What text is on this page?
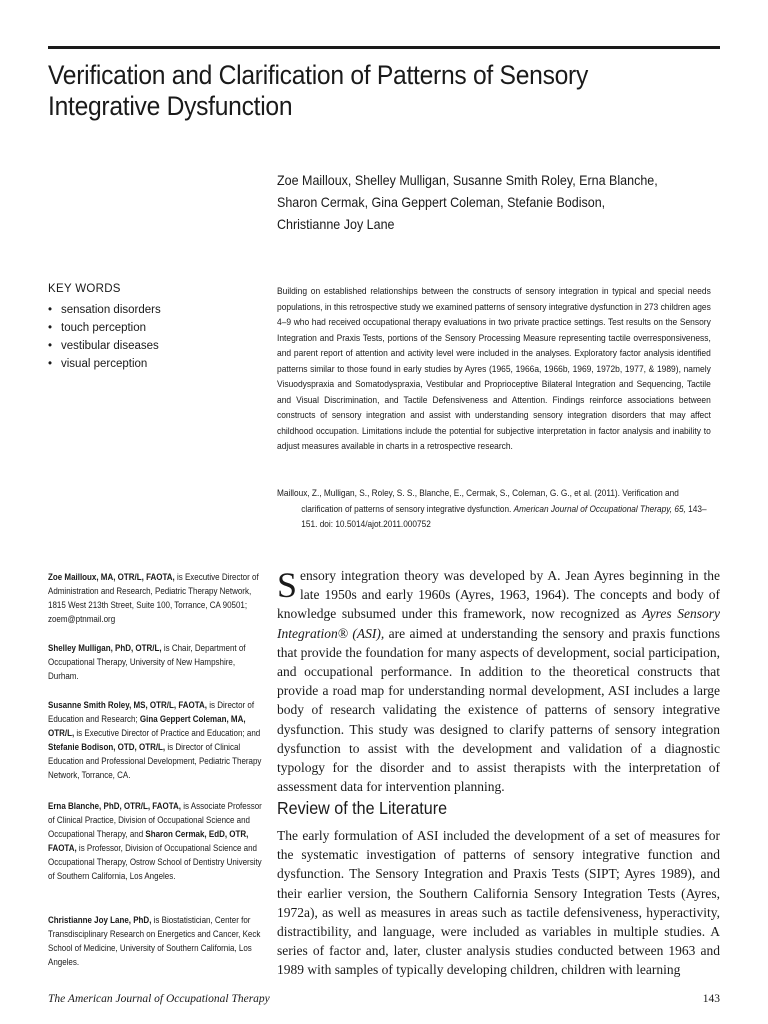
Verification and Clarification of Patterns of Sensory Integrative Dysfunction
Zoe Mailloux, Shelley Mulligan, Susanne Smith Roley, Erna Blanche,
Sharon Cermak, Gina Geppert Coleman, Stefanie Bodison,
Christianne Joy Lane
KEY WORDS
• sensation disorders
• touch perception
• vestibular diseases
• visual perception

Building on established relationships between the constructs of sensory integration in typical and special needs populations, in this retrospective study we examined patterns of sensory integrative dysfunction in 273 children ages 4–9 who had received occupational therapy evaluations in two private practice settings. Test results on the Sensory Integration and Praxis Tests, portions of the Sensory Processing Measure representing tactile overresponsiveness, and parent report of attention and activity level were included in the analyses. Exploratory factor analysis identified patterns similar to those found in early studies by Ayres (1965, 1966a, 1966b, 1969, 1972b, 1977, & 1989), namely Visuodyspraxia and Somatodyspraxia, Vestibular and Proprioceptive Bilateral Integration and Sequencing, Tactile and Visual Discrimination, and Tactile Defensiveness and Attention. Findings reinforce associations between constructs of sensory integration and assist with understanding sensory integration disorders that may affect childhood occupation. Limitations include the potential for subjective interpretation in factor analysis and inability to adjust measures available in charts in a retrospective research.

Mailloux, Z., Mulligan, S., Roley, S. S., Blanche, E., Cermak, S., Coleman, G. G., et al. (2011). Verification and clarification of patterns of sensory integrative dysfunction. American Journal of Occupational Therapy, 65, 143–151. doi: 10.5014/ajot.2011.000752

Zoe Mailloux, MA, OTR/L, FAOTA, is Executive Director of Administration and Research, Pediatric Therapy Network, 1815 West 213th Street, Suite 100, Torrance, CA 90501; zoem@ptnmail.org

Shelley Mulligan, PhD, OTR/L, is Chair, Department of Occupational Therapy, University of New Hampshire, Durham.

Susanne Smith Roley, MS, OTR/L, FAOTA, is Director of Education and Research; Gina Geppert Coleman, MA, OTR/L, is Executive Director of Practice and Education; and Stefanie Bodison, OTD, OTR/L, is Director of Clinical Education and Professional Development, Pediatric Therapy Network, Torrance, CA.

Erna Blanche, PhD, OTR/L, FAOTA, is Associate Professor of Clinical Practice, Division of Occupational Science and Occupational Therapy, and Sharon Cermak, EdD, OTR, FAOTA, is Professor, Division of Occupational Science and Occupational Therapy, Ostrow School of Dentistry University of Southern California, Los Angeles.

Christianne Joy Lane, PhD, is Biostatistician, Center for Transdisciplinary Research on Energetics and Cancer, Keck School of Medicine, University of Southern California, Los Angeles.

Sensory integration theory was developed by A. Jean Ayres beginning in the late 1950s and early 1960s (Ayres, 1963, 1964). The concepts and body of knowledge subsumed under this framework, now recognized as Ayres Sensory Integration® (ASI), are aimed at understanding the sensory and praxis functions that provide the foundation for many aspects of development, social participation, and occupational performance. In addition to the theoretical constructs that provide a road map for understanding normal development, ASI includes a large body of research validating the existence of patterns of sensory integrative dysfunction. This study was designed to clarify patterns of sensory integration dysfunction to assist with the development and validation of a diagnostic typology for the disorder and to assist therapists with the interpretation of assessment data for intervention planning.

Review of the Literature

The early formulation of ASI included the development of a set of measures for the systematic investigation of patterns of sensory integrative function and dysfunction. The Sensory Integration and Praxis Tests (SIPT; Ayres 1989), and their earlier version, the Southern California Sensory Integration Tests (Ayres, 1972a), as well as measures in areas such as tactile defensiveness, hyperactivity, distractibility, and language, were included as variables in multiple studies. A series of factor and, later, cluster analysis studies conducted between 1963 and 1989 with samples of typically developing children, children with learning

The American Journal of Occupational Therapy	143
